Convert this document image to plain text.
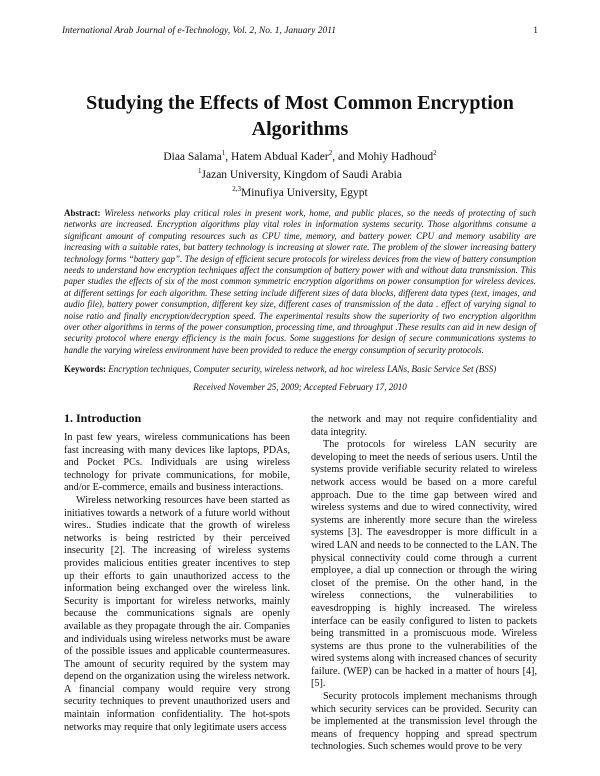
International Arab Journal of e-Technology, Vol. 2, No. 1, January 2011	1
Studying the Effects of Most Common Encryption Algorithms
Diaa Salama$^1$, Hatem Abdual Kader$^2$, and Mohiy Hadhoud$^2$
$^1$Jazan University, Kingdom of Saudi Arabia
$^{2,3}$Minufiya University, Egypt
Abstract: Wireless networks play critical roles in present work, home, and public places, so the needs of protecting of such networks are increased. Encryption algorithms play vital roles in information systems security. Those algorithms consume a significant amount of computing resources such as CPU time, memory, and battery power. CPU and memory usability are increasing with a suitable rates, but battery technology is increasing at slower rate. The problem of the slower increasing battery technology forms “battery gap”. The design of efficient secure protocols for wireless devices from the view of battery consumption needs to understand how encryption techniques affect the consumption of battery power with and without data transmission. This paper studies the effects of six of the most common symmetric encryption algorithms on power consumption for wireless devices. at different settings for each algorithm. These setting include different sizes of data blocks, different data types (text, images, and audio file), battery power consumption, different key size, different cases of transmission of the data . effect of varying signal to noise ratio and finally encryption/decryption speed. The experimental results show the superiority of two encryption algorithm over other algorithms in terms of the power consumption, processing time, and throughput .These results can aid in new design of security protocol where energy efficiency is the main focus. Some suggestions for design of secure communications systems to handle the varying wireless environment have been provided to reduce the energy consumption of security protocols.
Keywords: Encryption techniques, Computer security, wireless network, ad hoc wireless LANs, Basic Service Set (BSS)
Received November 25, 2009; Accepted February 17, 2010
1. Introduction

In past few years, wireless communications has been fast increasing with many devices like laptops, PDAs, and Pocket PCs. Individuals are using wireless technology for private communications, for mobile, and/or E-commerce, emails and business interactions.

Wireless networking resources have been started as initiatives towards a network of a future world without wires.. Studies indicate that the growth of wireless networks is being restricted by their perceived insecurity [2]. The increasing of wireless systems provides malicious entities greater incentives to step up their efforts to gain unauthorized access to the information being exchanged over the wireless link. Security is important for wireless networks, mainly because the communications signals are openly available as they propagate through the air. Companies and individuals using wireless networks must be aware of the possible issues and applicable countermeasures. The amount of security required by the system may depend on the organization using the wireless network. A financial company would require very strong security techniques to prevent unauthorized users and maintain information confidentiality. The hot-spots networks may require that only legitimate users access

the network and may not require confidentiality and data integrity.

The protocols for wireless LAN security are developing to meet the needs of serious users. Until the systems provide verifiable security related to wireless network access would be based on a more careful approach. Due to the time gap between wired and wireless systems and due to wired connectivity, wired systems are inherently more secure than the wireless systems [3]. The eavesdropper is more difficult in a wired LAN and needs to be connected to the LAN. The physical connectivity could come through a current employee, a dial up connection or through the wiring closet of the premise. On the other hand, in the wireless connections, the vulnerabilities to eavesdropping is highly increased. The wireless interface can be easily configured to listen to packets being transmitted in a promiscuous mode. Wireless systems are thus prone to the vulnerabilities of the wired systems along with increased chances of security failure. (WEP) can be hacked in a matter of hours [4], [5].

Security protocols implement mechanisms through which security services can be provided. Security can be implemented at the transmission level through the means of frequency hopping and spread spectrum technologies. Such schemes would prove to be very
